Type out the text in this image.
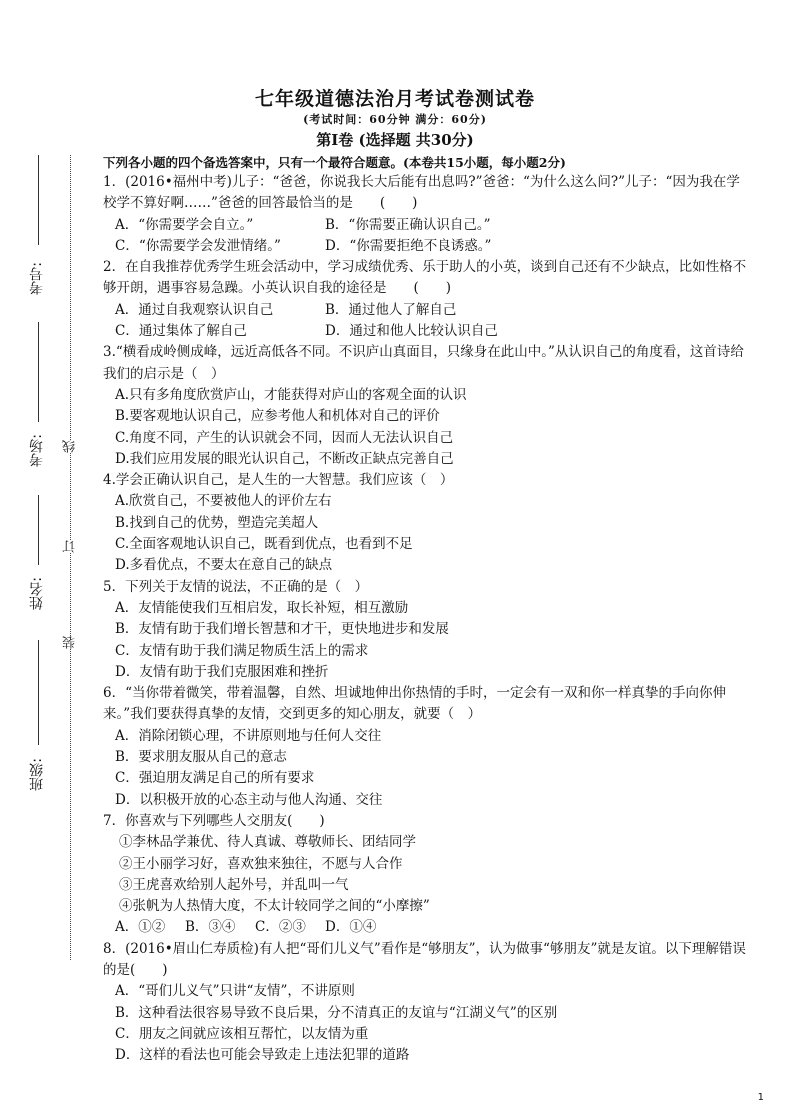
考号:
考场:
姓名:
班级:
线
订
装
七年级道德法治月考试卷测试卷
(考试时间：60分钟 满分：60分)
第Ⅰ卷 (选择题 共30分)
下列各小题的四个备选答案中，只有一个最符合题意。(本卷共15小题，每小题2分)

1．(2016•福州中考)儿子：“爸爸，你说我长大后能有出息吗?”爸爸：“为什么这么问?”儿子：“因为我在学校学不算好啊……”爸爸的回答最恰当的是　　(　　)

A．“你需要学会自立。”	B．“你需要正确认识自己。”
C．“你需要学会发泄情绪。”	D．“你需要拒绝不良诱惑。”

2．在自我推荐优秀学生班会活动中，学习成绩优秀、乐于助人的小英，谈到自己还有不少缺点，比如性格不够开朗，遇事容易急躁。小英认识自我的途径是　　(　　)

A．通过自我观察认识自己	B．通过他人了解自己
C．通过集体了解自己	D．通过和他人比较认识自己

3.“横看成岭侧成峰，远近高低各不同。不识庐山真面目，只缘身在此山中。”从认识自己的角度看，这首诗给我们的启示是（　）

A.只有多角度欣赏庐山，才能获得对庐山的客观全面的认识
B.要客观地认识自己，应参考他人和机体对自己的评价
C.角度不同，产生的认识就会不同，因而人无法认识自己
D.我们应用发展的眼光认识自己，不断改正缺点完善自己

4.学会正确认识自己，是人生的一大智慧。我们应该（　）

A.欣赏自己，不要被他人的评价左右
B.找到自己的优势，塑造完美超人
C.全面客观地认识自己，既看到优点，也看到不足
D.多看优点，不要太在意自己的缺点

5．下列关于友情的说法，不正确的是（　）

A．友情能使我们互相启发，取长补短，相互激励
B．友情有助于我们增长智慧和才干，更快地进步和发展
C．友情有助于我们满足物质生活上的需求
D．友情有助于我们克服困难和挫折

6．“当你带着微笑，带着温馨，自然、坦诚地伸出你热情的手时，一定会有一双和你一样真挚的手向你伸来。”我们要获得真挚的友情，交到更多的知心朋友，就要（　）

A．消除闭锁心理，不讲原则地与任何人交往
B．要求朋友服从自己的意志
C．强迫朋友满足自己的所有要求
D．以积极开放的心态主动与他人沟通、交往

7．你喜欢与下列哪些人交朋友(　　)

①李林品学兼优、待人真诚、尊敬师长、团结同学
②王小丽学习好，喜欢独来独往，不愿与人合作
③王虎喜欢给别人起外号，并乱叫一气
④张帆为人热情大度，不太计较同学之间的“小摩擦”
A．①②	B．③④	C．②③	D．①④

8．(2016•眉山仁寿质检)有人把“哥们儿义气”看作是“够朋友”，认为做事“够朋友”就是友谊。以下理解错误的是(　　)

A．“哥们儿义气”只讲“友情”，不讲原则
B．这种看法很容易导致不良后果，分不清真正的友谊与“江湖义气”的区别
C．朋友之间就应该相互帮忙，以友情为重
D．这样的看法也可能会导致走上违法犯罪的道路
1
